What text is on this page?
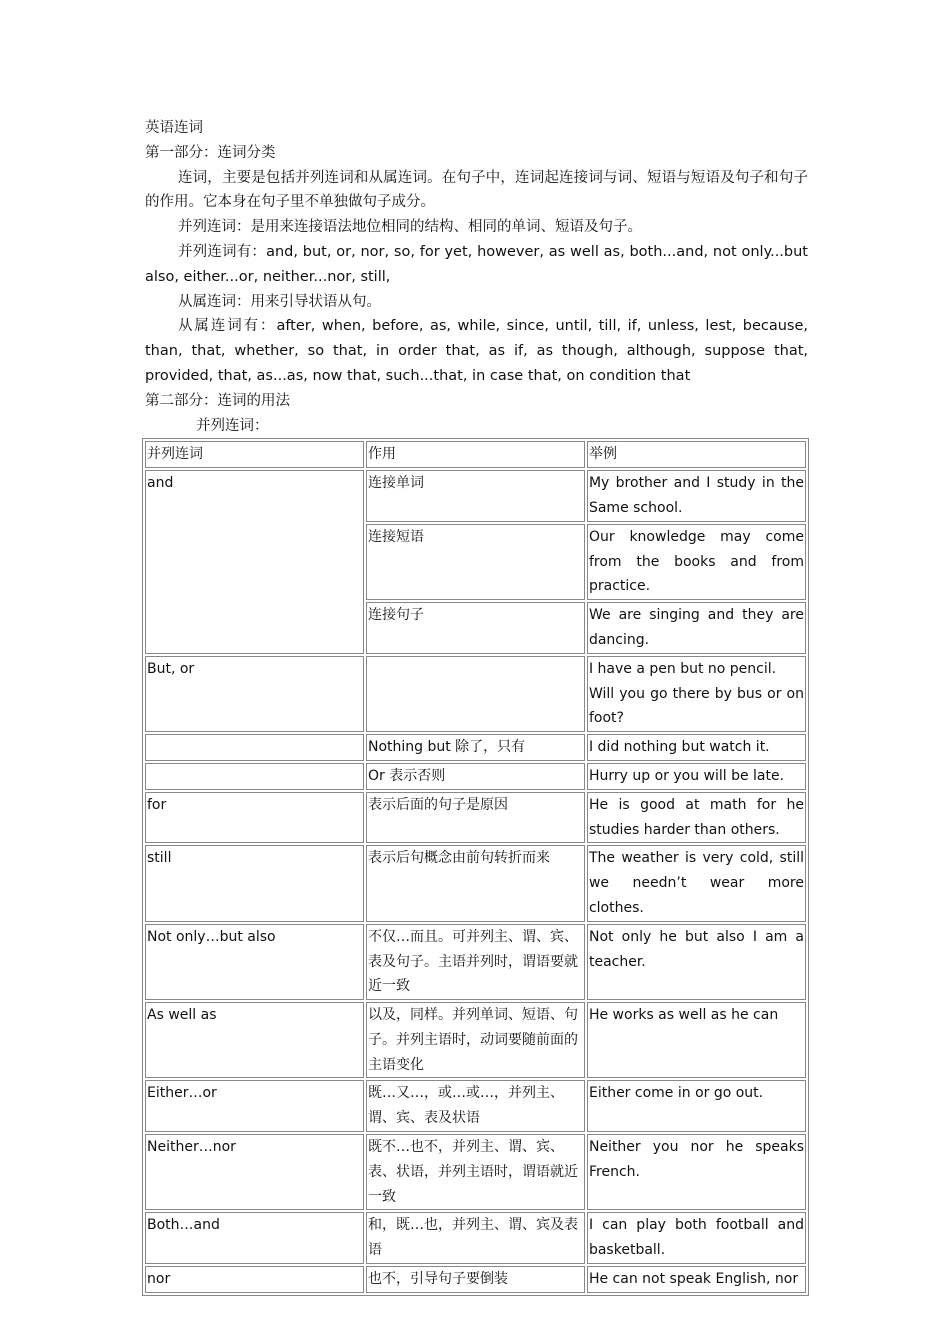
英语连词
第一部分：连词分类
连词，主要是包括并列连词和从属连词。在句子中，连词起连接词与词、短语与短语及句子和句子的作用。它本身在句子里不单独做句子成分。
并列连词：是用来连接语法地位相同的结构、相同的单词、短语及句子。
并列连词有：and, but, or, nor, so, for yet, however, as well as, both...and, not only...but also, either...or, neither...nor, still,
从属连词：用来引导状语从句。
从属连词有：after, when, before, as, while, since, until, till, if, unless, lest, because, than, that, whether, so that, in order that, as if, as though, although, suppose that, provided, that, as...as, now that, such...that, in case that, on condition that
第二部分：连词的用法
并列连词：
并列连词	作用	举例
and	连接单词	My brother and I study in the Same school.
	连接短语	Our knowledge may come from the books and from practice.
	连接句子	We are singing and they are dancing.
But, or		I have a pen but no pencil.
Will you go there by bus or on foot?

	Nothing but 除了，只有	I did nothing but watch it.
	Or 表示否则	Hurry up or you will be late.
for	表示后面的句子是原因	He is good at math for he studies harder than others.
still	表示后句概念由前句转折而来	The weather is very cold, still we needn’t wear more clothes.
Not only…but also	不仅…而且。可并列主、谓、宾、表及句子。主语并列时，谓语要就近一致	Not only he but also I am a teacher.
As well as	以及，同样。并列单词、短语、句子。并列主语时，动词要随前面的主语变化	He works as well as he can
Either…or	既…又…，或…或…，并列主、谓、宾、表及状语	Either come in or go out.
Neither…nor	既不…也不，并列主、谓、宾、表、状语，并列主语时，谓语就近一致	Neither you nor he speaks French.
Both…and	和，既…也，并列主、谓、宾及表语	I can play both football and basketball.
nor	也不，引导句子要倒装	He can not speak English, nor
